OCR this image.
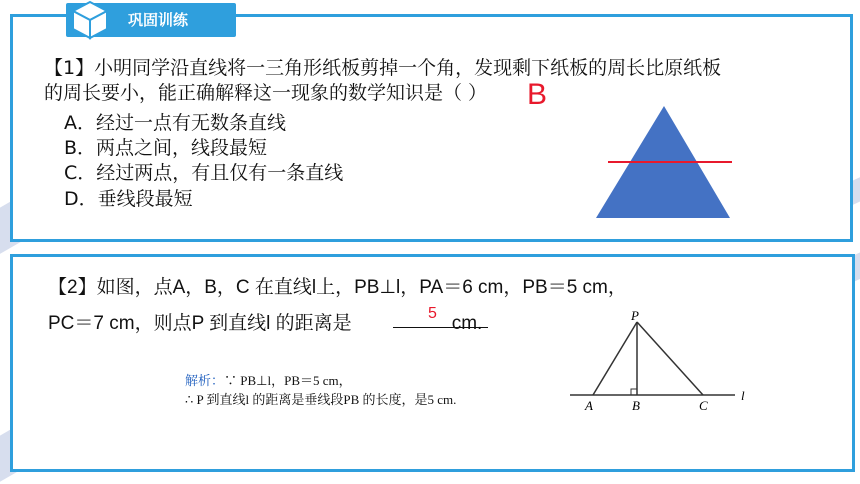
巩固训练
【1】小明同学沿直线将一三角形纸板剪掉一个角，发现剩下纸板的周长比原纸板
的周长要小，能正确解释这一现象的数学知识是（ ）	B
A．经过一点有无数条直线
B．两点之间，线段最短
C．经过两点，有且仅有一条直线
D．垂线段最短
【2】如图，点A，B，C 在直线l上，PB⊥l，PA＝6 cm，PB＝5 cm，
PC＝7 cm，则点P 到直线l 的距离是	cm.
5
解析：∵ PB⊥l，PB＝5 cm，
∴ P 到直线l 的距离是垂线段PB 的长度，是5 cm.
P
A	B	C
l
